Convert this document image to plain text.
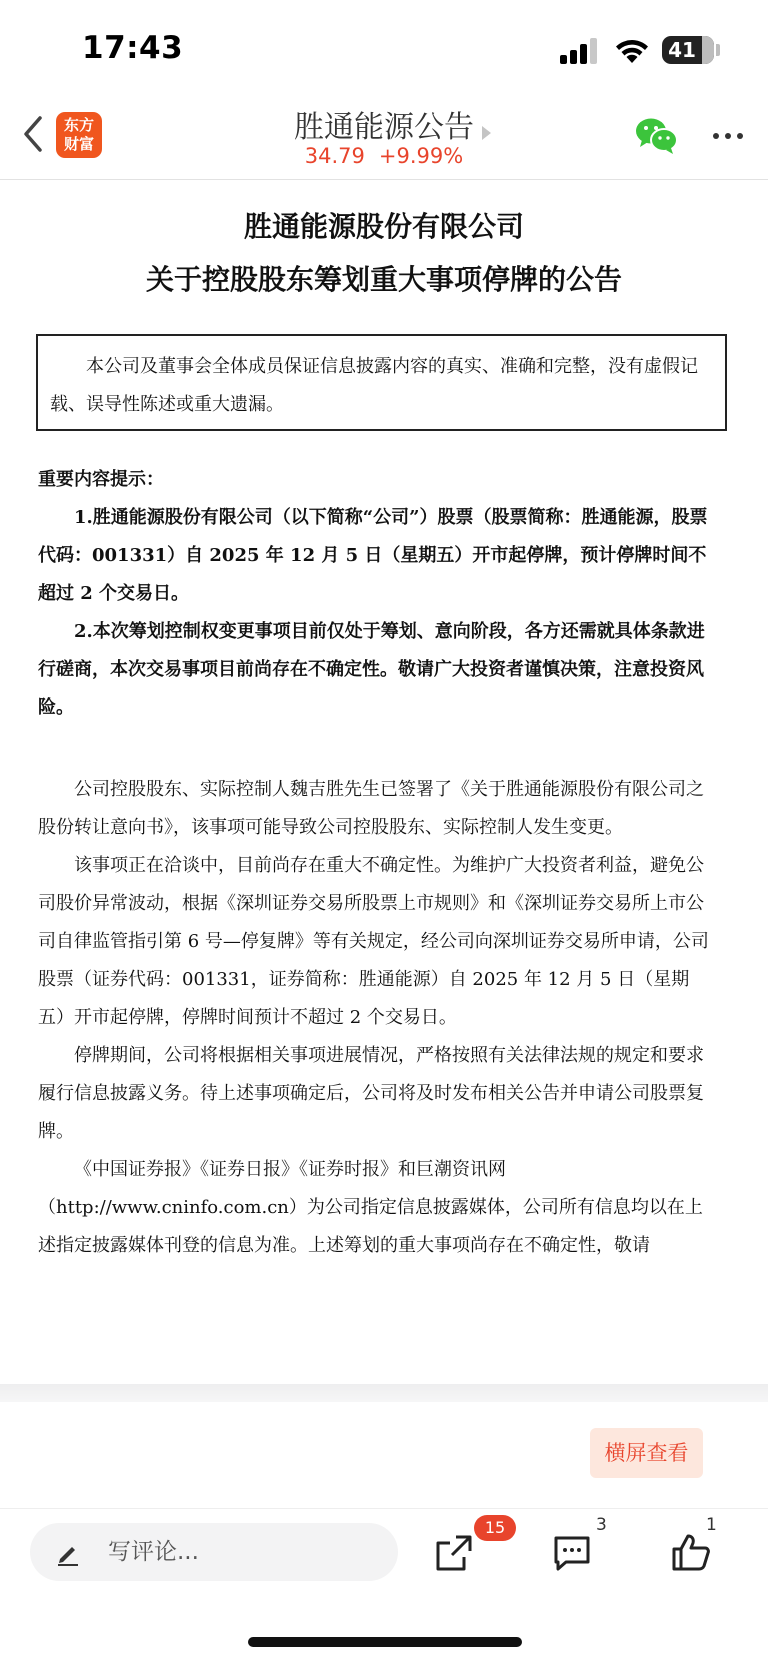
17:43	41
东方
财富	胜通能源公告
34.79 +9.99%
胜通能源股份有限公司
关于控股股东筹划重大事项停牌的公告
本公司及董事会全体成员保证信息披露内容的真实、准确和完整，没有虚假记载、误导性陈述或重大遗漏。
重要内容提示：
1.胜通能源股份有限公司（以下简称“公司”）股票（股票简称：胜通能源，股票代码：001331）自 2025 年 12 月 5 日（星期五）开市起停牌，预计停牌时间不超过 2 个交易日。
2.本次筹划控制权变更事项目前仅处于筹划、意向阶段，各方还需就具体条款进行磋商，本次交易事项目前尚存在不确定性。敬请广大投资者谨慎决策，注意投资风险。
公司控股股东、实际控制人魏吉胜先生已签署了《关于胜通能源股份有限公司之股份转让意向书》，该事项可能导致公司控股股东、实际控制人发生变更。
该事项正在洽谈中，目前尚存在重大不确定性。为维护广大投资者利益，避免公司股价异常波动，根据《深圳证券交易所股票上市规则》和《深圳证券交易所上市公司自律监管指引第 6 号—停复牌》等有关规定，经公司向深圳证券交易所申请，公司股票（证券代码：001331，证券简称：胜通能源）自 2025 年 12 月 5 日（星期五）开市起停牌，停牌时间预计不超过 2 个交易日。
停牌期间，公司将根据相关事项进展情况，严格按照有关法律法规的规定和要求履行信息披露义务。待上述事项确定后，公司将及时发布相关公告并申请公司股票复牌。
《中国证券报》《证券日报》《证券时报》和巨潮资讯网（http://www.cninfo.com.cn）为公司指定信息披露媒体，公司所有信息均以在上述指定披露媒体刊登的信息为准。上述筹划的重大事项尚存在不确定性，敬请
横屏查看
写评论...
15	3	1
